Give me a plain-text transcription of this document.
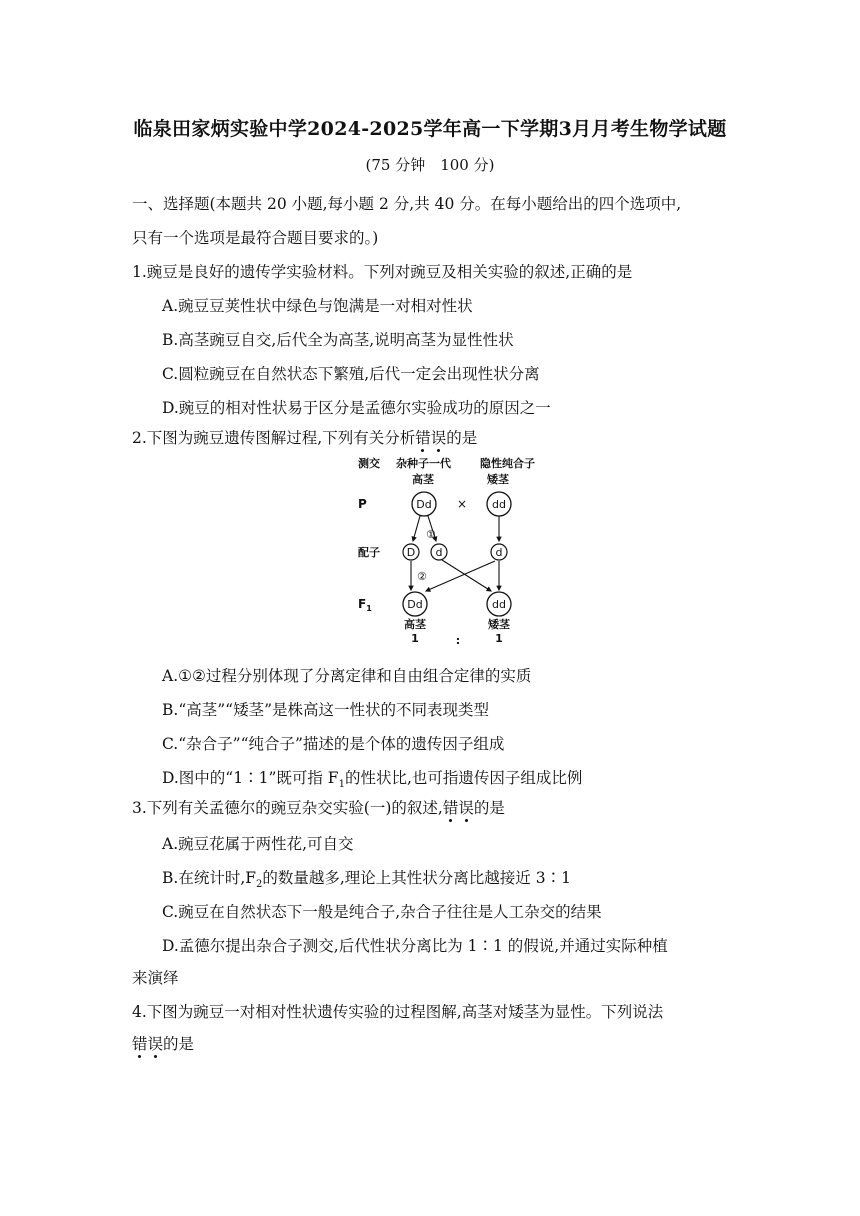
临泉田家炳实验中学2024-2025学年高一下学期3月月考生物学试题
(75 分钟　100 分)
一、选择题(本题共 20 小题,每小题 2 分,共 40 分。在每小题给出的四个选项中,
只有一个选项是最符合题目要求的。)
1.豌豆是良好的遗传学实验材料。下列对豌豆及相关实验的叙述,正确的是
A.豌豆豆荚性状中绿色与饱满是一对相对性状
B.高茎豌豆自交,后代全为高茎,说明高茎为显性性状
C.圆粒豌豆在自然状态下繁殖,后代一定会出现性状分离
D.豌豆的相对性状易于区分是孟德尔实验成功的原因之一
2.下图为豌豆遗传图解过程,下列有关分析错误的是
测交 杂种子一代	隐性纯合子
高茎	矮茎
P	Dd × dd
①
配子 D d	d
②
$F_1$	Dd	dd
高茎	矮茎
1	:	1
A.①②过程分别体现了分离定律和自由组合定律的实质
B.“高茎”“矮茎”是株高这一性状的不同表现类型
C.“杂合子”“纯合子”描述的是个体的遗传因子组成
D.图中的“1∶1”既可指 $F_1$的性状比,也可指遗传因子组成比例
3.下列有关孟德尔的豌豆杂交实验(一)的叙述,错误的是
A.豌豆花属于两性花,可自交
B.在统计时$,F_2$的数量越多,理论上其性状分离比越接近 3∶1
C.豌豆在自然状态下一般是纯合子,杂合子往往是人工杂交的结果
D.孟德尔提出杂合子测交,后代性状分离比为 1∶1 的假说,并通过实际种植
来演绎
4.下图为豌豆一对相对性状遗传实验的过程图解,高茎对矮茎为显性。下列说法
错误的是
